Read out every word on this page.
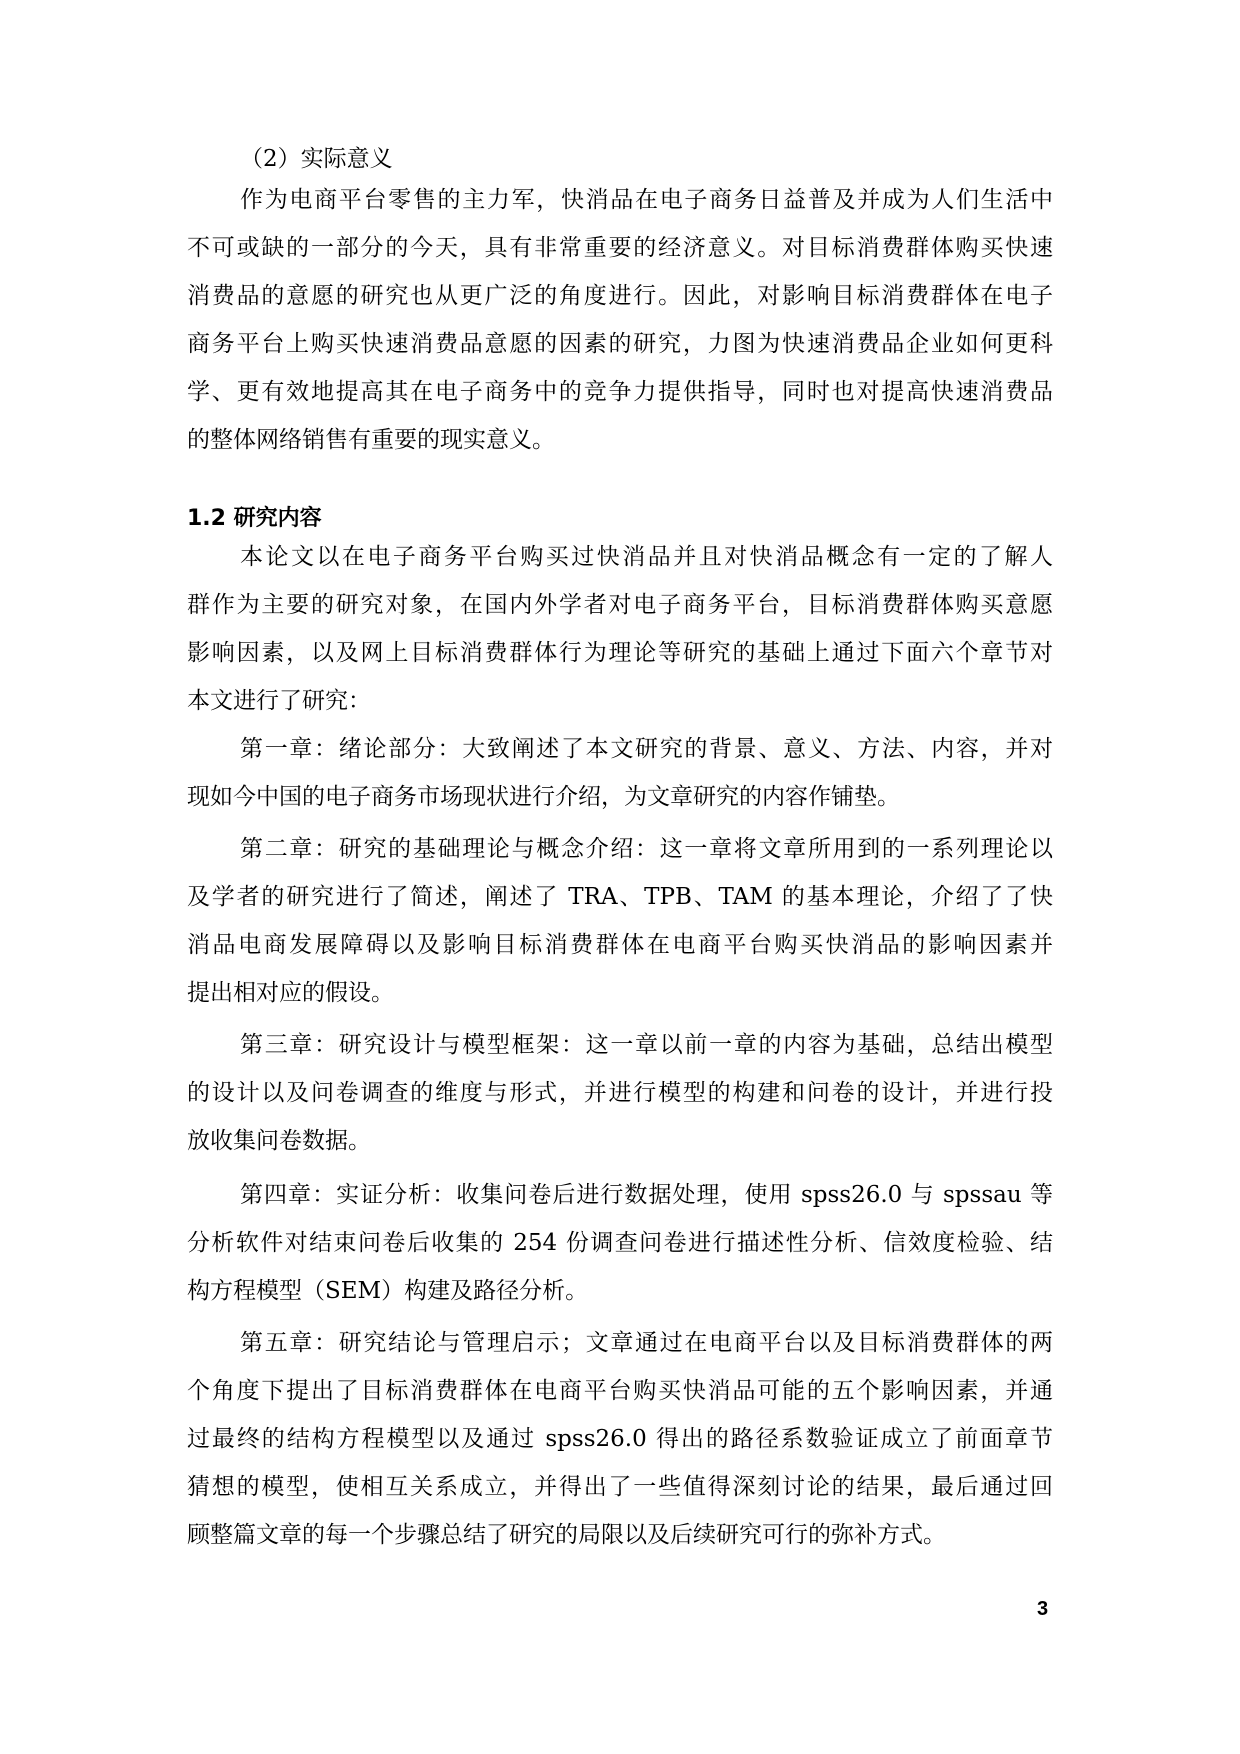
（2）实际意义
作为电商平台零售的主力军，快消品在电子商务日益普及并成为人们生活中
不可或缺的一部分的今天，具有非常重要的经济意义。对目标消费群体购买快速
消费品的意愿的研究也从更广泛的角度进行。因此，对影响目标消费群体在电子
商务平台上购买快速消费品意愿的因素的研究，力图为快速消费品企业如何更科
学、更有效地提高其在电子商务中的竞争力提供指导，同时也对提高快速消费品
的整体网络销售有重要的现实意义。
1.2 研究内容
本论文以在电子商务平台购买过快消品并且对快消品概念有一定的了解人
群作为主要的研究对象，在国内外学者对电子商务平台，目标消费群体购买意愿
影响因素，以及网上目标消费群体行为理论等研究的基础上通过下面六个章节对
本文进行了研究：
第一章：绪论部分：大致阐述了本文研究的背景、意义、方法、内容，并对
现如今中国的电子商务市场现状进行介绍，为文章研究的内容作铺垫。
第二章：研究的基础理论与概念介绍：这一章将文章所用到的一系列理论以
及学者的研究进行了简述，阐述了 TRA、TPB、TAM 的基本理论，介绍了了快
消品电商发展障碍以及影响目标消费群体在电商平台购买快消品的影响因素并
提出相对应的假设。
第三章：研究设计与模型框架：这一章以前一章的内容为基础，总结出模型
的设计以及问卷调查的维度与形式，并进行模型的构建和问卷的设计，并进行投
放收集问卷数据。
第四章：实证分析：收集问卷后进行数据处理，使用 spss26.0 与 spssau 等
分析软件对结束问卷后收集的 254 份调查问卷进行描述性分析、信效度检验、结
构方程模型（SEM）构建及路径分析。
第五章：研究结论与管理启示；文章通过在电商平台以及目标消费群体的两
个角度下提出了目标消费群体在电商平台购买快消品可能的五个影响因素，并通
过最终的结构方程模型以及通过 spss26.0 得出的路径系数验证成立了前面章节
猜想的模型，使相互关系成立，并得出了一些值得深刻讨论的结果，最后通过回
顾整篇文章的每一个步骤总结了研究的局限以及后续研究可行的弥补方式。
3
